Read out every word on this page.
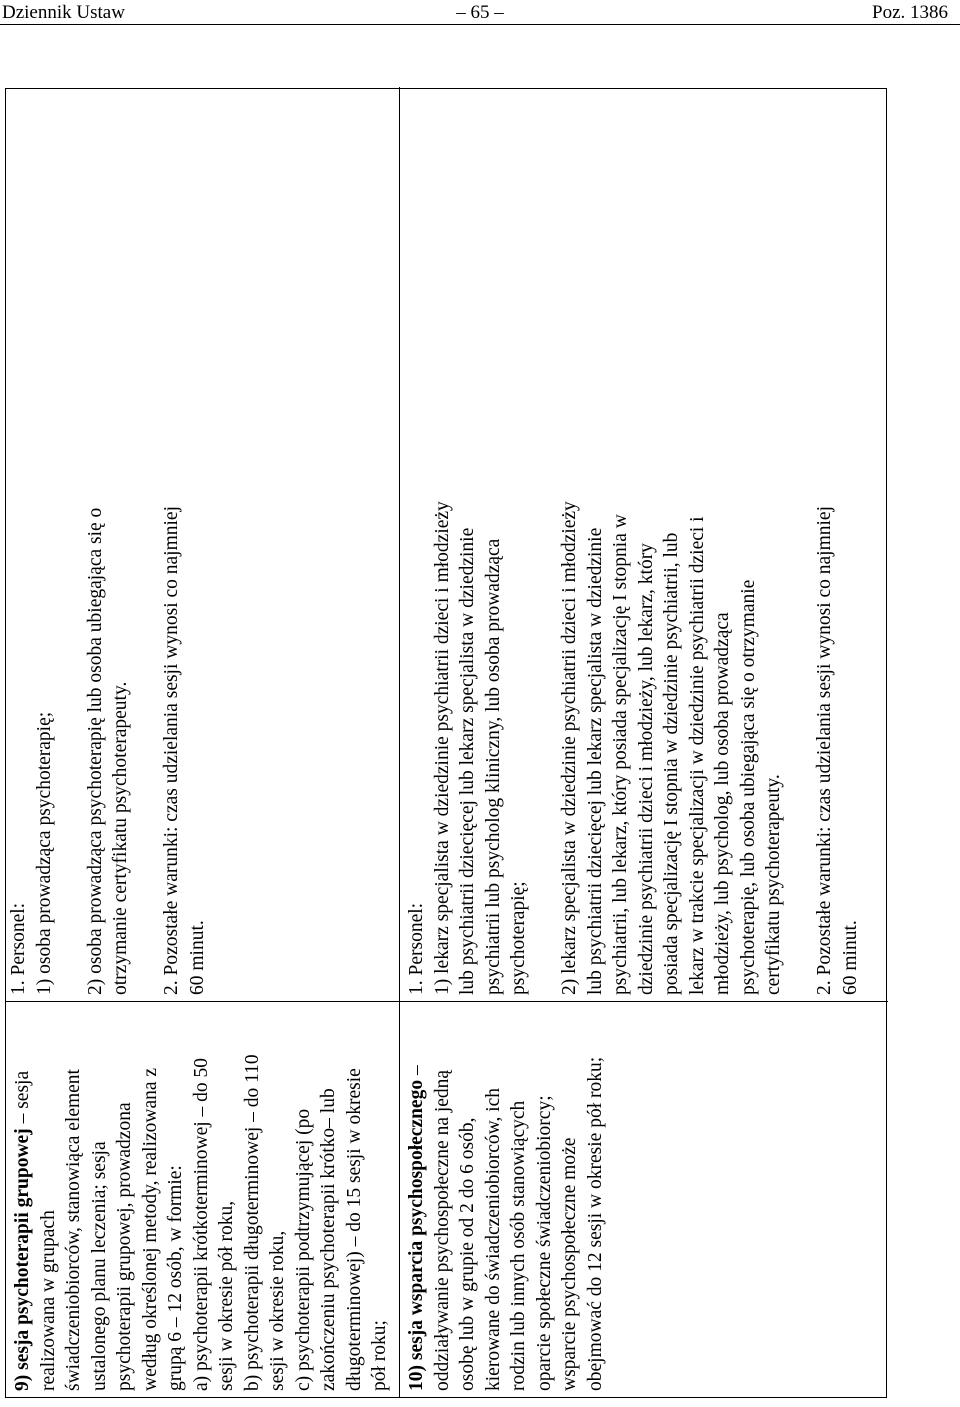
Dziennik Ustaw	– 65 –	Poz. 1386
9) sesja psychoterapii grupowej – sesja
realizowana w grupach świadczeniobiorców, stanowiąca element ustalonego planu leczenia; sesja psychoterapii grupowej, prowadzona według określonej metody, realizowana z grupą 6 – 12 osób, w formie: a) psychoterapii krótkoterminowej – do 50 sesji w okresie pół roku, b) psychoterapii długoterminowej – do 110 sesji w okresie roku, c) psychoterapii podtrzymującej (po zakończeniu psychoterapii krótko– lub długoterminowej) – do 15 sesji w okresie pół roku;
1. Personel: 1) osoba prowadząca psychoterapię; 2) osoba prowadząca psychoterapię lub osoba ubiegająca się o otrzymanie certyfikatu psychoterapeuty. 2. Pozostałe warunki: czas udzielania sesji wynosi co najmniej 60 minut.
10) sesja wsparcia psychospołecznego – oddziaływanie psychospołeczne na jedną osobę lub w grupie od 2 do 6 osób, kierowane do świadczeniobiorców, ich rodzin lub innych osób stanowiących oparcie społeczne świadczeniobiorcy; wsparcie psychospołeczne może obejmować do 12 sesji w okresie pół roku;
1. Personel: 1) lekarz specjalista w dziedzinie psychiatrii dzieci i młodzieży lub psychiatrii dziecięcej lub lekarz specjalista w dziedzinie psychiatrii lub psycholog kliniczny, lub osoba prowadząca psychoterapię; 2) lekarz specjalista w dziedzinie psychiatrii dzieci i młodzieży lub psychiatrii dziecięcej lub lekarz specjalista w dziedzinie psychiatrii, lub lekarz, który posiada specjalizację I stopnia w dziedzinie psychiatrii dzieci i młodzieży, lub lekarz, który posiada specjalizację I stopnia w dziedzinie psychiatrii, lub lekarz w trakcie specjalizacji w dziedzinie psychiatrii dzieci i młodzieży, lub psycholog, lub osoba prowadząca psychoterapię, lub osoba ubiegająca się o otrzymanie certyfikatu psychoterapeuty. 2. Pozostałe warunki: czas udzielania sesji wynosi co najmniej 60 minut.
